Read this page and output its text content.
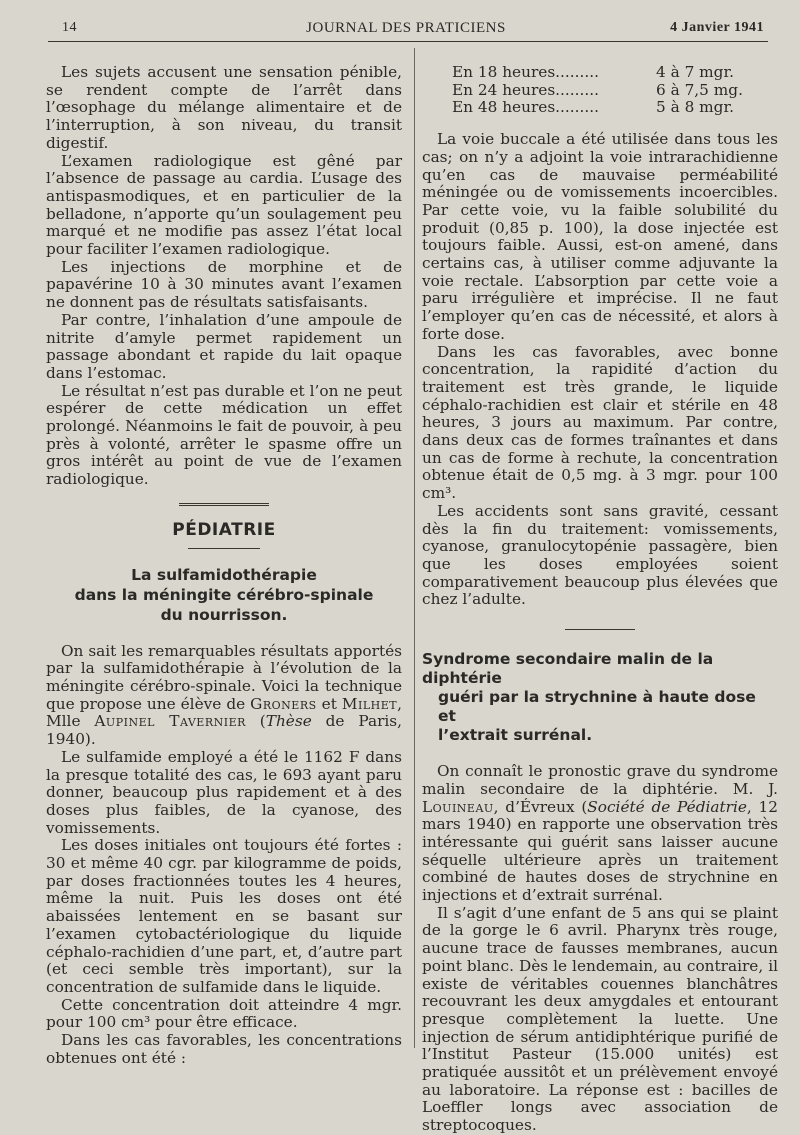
14	JOURNAL DES PRATICIENS	4 Janvier 1941

Les sujets accusent une sensation pénible, se rendent compte de l’arrêt dans l’œsophage du mélange alimentaire et de l’interruption, à son niveau, du transit digestif.

L’examen radiologique est gêné par l’absence de passage au cardia. L’usage des antispasmodiques, et en particulier de la belladone, n’apporte qu’un soulagement peu marqué et ne modifie pas assez l’état local pour faciliter l’examen radiologique.

Les injections de morphine et de papavérine 10 à 30 minutes avant l’examen ne donnent pas de résultats satisfaisants.

Par contre, l’inhalation d’une ampoule de nitrite d’amyle permet rapidement un passage abondant et rapide du lait opaque dans l’estomac.

Le résultat n’est pas durable et l’on ne peut espérer de cette médication un effet prolongé. Néanmoins le fait de pouvoir, à peu près à volonté, arrêter le spasme offre un gros intérêt au point de vue de l’examen radiologique.

PÉDIATRIE
La sulfamidothérapie
dans la méningite cérébro-spinale
du nourrisson.

On sait les remarquables résultats apportés par la sulfamidothérapie à l’évolution de la méningite cérébro-spinale. Voici la technique que propose une élève de Groners et Milhet, Mlle Aupinel Tavernier (Thèse de Paris, 1940).

Le sulfamide employé a été le 1162 F dans la presque totalité des cas, le 693 ayant paru donner, beaucoup plus rapidement et à des doses plus faibles, de la cyanose, des vomissements.

Les doses initiales ont toujours été fortes : 30 et même 40 cgr. par kilogramme de poids, par doses fractionnées toutes les 4 heures, même la nuit. Puis les doses ont été abaissées lentement en se basant sur l’examen cytobactériologique du liquide céphalo-rachidien d’une part, et, d’autre part (et ceci semble très important), sur la concentration de sulfamide dans le liquide.

Cette concentration doit atteindre 4 mgr. pour 100 cm³ pour être efficace.

Dans les cas favorables, les concentrations obtenues ont été :

En 18 heures.........	4 à 7 mgr.
En 24 heures.........	6 à 7,5 mg.
En 48 heures.........	5 à 8 mgr.

La voie buccale a été utilisée dans tous les cas; on n’y a adjoint la voie intrarachidienne qu’en cas de mauvaise perméabilité méningée ou de vomissements incoercibles. Par cette voie, vu la faible solubilité du produit (0,85 p. 100), la dose injectée est toujours faible. Aussi, est-on amené, dans certains cas, à utiliser comme adjuvante la voie rectale. L’absorption par cette voie a paru irrégulière et imprécise. Il ne faut l’employer qu’en cas de nécessité, et alors à forte dose.

Dans les cas favorables, avec bonne concentration, la rapidité d’action du traitement est très grande, le liquide céphalo-rachidien est clair et stérile en 48 heures, 3 jours au maximum. Par contre, dans deux cas de formes traînantes et dans un cas de forme à rechute, la concentration obtenue était de 0,5 mg. à 3 mgr. pour 100 cm³.

Les accidents sont sans gravité, cessant dès la fin du traitement: vomissements, cyanose, granulocytopénie passagère, bien que les doses employées soient comparativement beaucoup plus élevées que chez l’adulte.

Syndrome secondaire malin de la diphtérie
guéri par la strychnine à haute dose et
l’extrait surrénal.

On connaît le pronostic grave du syndrome malin secondaire de la diphtérie. M. J. Louineau, d’Évreux (Société de Pédiatrie, 12 mars 1940) en rapporte une observation très intéressante qui guérit sans laisser aucune séquelle ultérieure après un traitement combiné de hautes doses de strychnine en injections et d’extrait surrénal.

Il s’agit d’une enfant de 5 ans qui se plaint de la gorge le 6 avril. Pharynx très rouge, aucune trace de fausses membranes, aucun point blanc. Dès le lendemain, au contraire, il existe de véritables couennes blanchâtres recouvrant les deux amygdales et entourant presque complètement la luette. Une injection de sérum antidiphtérique purifié de l’Institut Pasteur (15.000 unités) est pratiquée aussitôt et un prélèvement envoyé au laboratoire. La réponse est : bacilles de Loeffler longs avec association de streptocoques.
